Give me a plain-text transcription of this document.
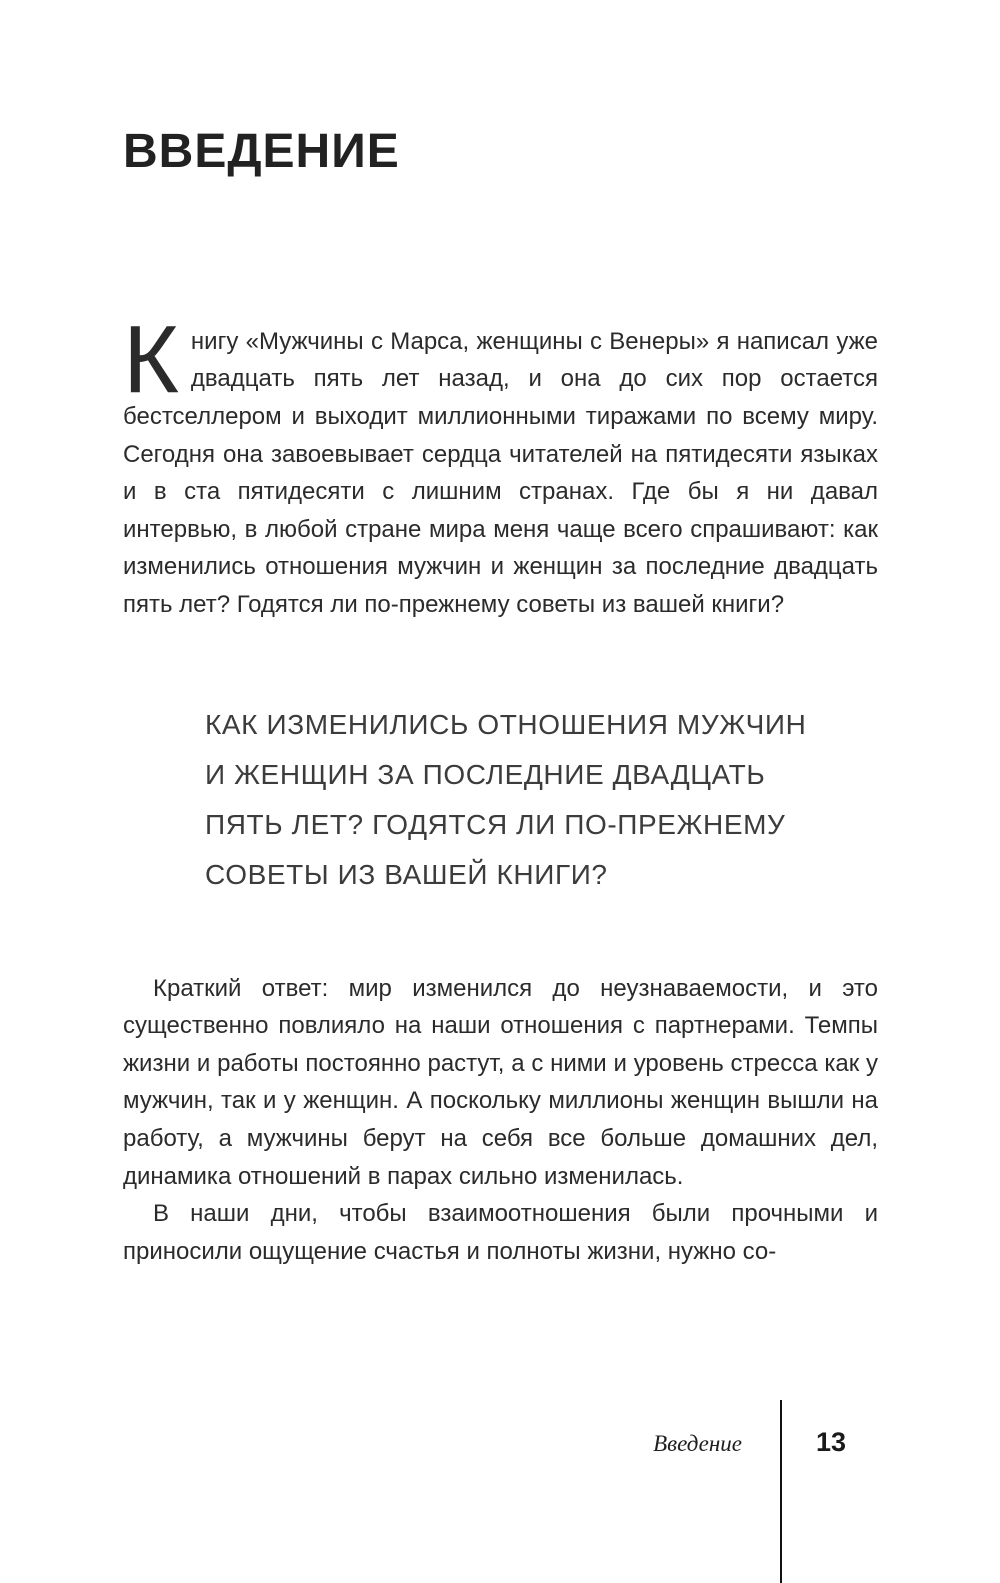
ВВЕДЕНИЕ

Книгу «Мужчины с Марса, женщины с Венеры» я написал уже двадцать пять лет назад, и она до сих пор остается бестселлером и выходит миллионными тиражами по всему миру. Сегодня она завоевывает сердца читателей на пятидесяти языках и в ста пятидесяти с лишним странах. Где бы я ни давал интервью, в любой стране мира меня чаще всего спрашивают: как изменились отношения мужчин и женщин за последние двадцать пять лет? Годятся ли по-прежнему советы из вашей книги?

КАК ИЗМЕНИЛИСЬ ОТНОШЕНИЯ МУЖЧИН И ЖЕНЩИН ЗА ПОСЛЕДНИЕ ДВАДЦАТЬ ПЯТЬ ЛЕТ? ГОДЯТСЯ ЛИ ПО-ПРЕЖНЕМУ СОВЕТЫ ИЗ ВАШЕЙ КНИГИ?

Краткий ответ: мир изменился до неузнаваемости, и это существенно повлияло на наши отношения с партнерами. Темпы жизни и работы постоянно растут, а с ними и уровень стресса как у мужчин, так и у женщин. А поскольку миллионы женщин вышли на работу, а мужчины берут на себя все больше домашних дел, динамика отношений в парах сильно изменилась.

В наши дни, чтобы взаимоотношения были прочными и приносили ощущение счастья и полноты жизни, нужно со-

Введение	13
